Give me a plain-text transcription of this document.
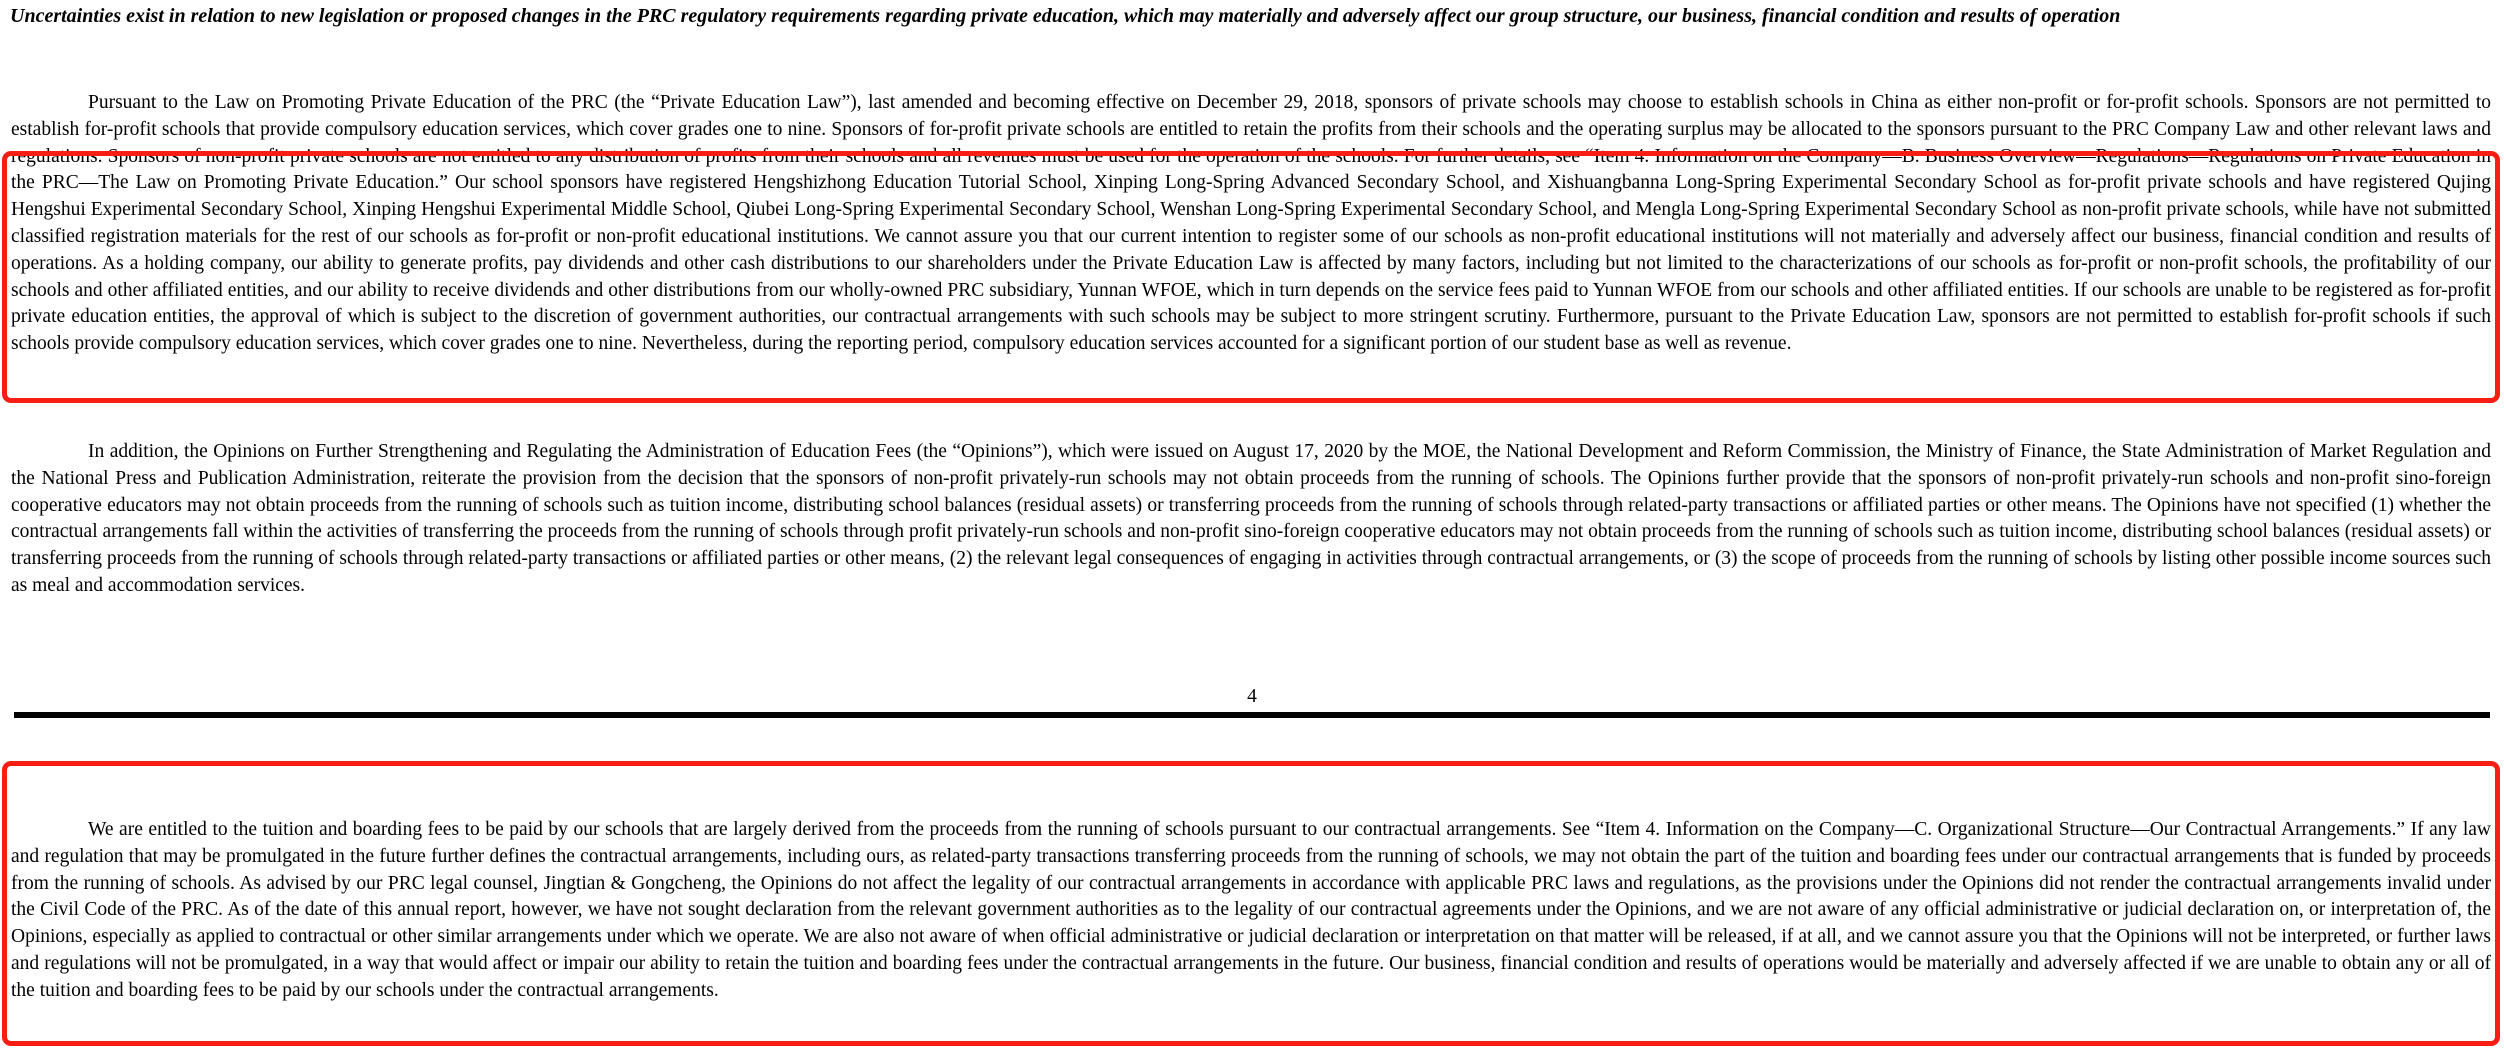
Uncertainties exist in relation to new legislation or proposed changes in the PRC regulatory requirements regarding private education, which may materially and adversely affect our group structure, our business, financial condition and results of operation

Pursuant to the Law on Promoting Private Education of the PRC (the “Private Education Law”), last amended and becoming effective on December 29, 2018, sponsors of private schools may choose to establish schools in China as either non-profit or for-profit schools. Sponsors are not permitted to establish for-profit schools that provide compulsory education services, which cover grades one to nine. Sponsors of for-profit private schools are entitled to retain the profits from their schools and the operating surplus may be allocated to the sponsors pursuant to the PRC Company Law and other relevant laws and regulations. Sponsors of non-profit private schools are not entitled to any distribution of profits from their schools and all revenues must be used for the operation of the schools. For further details, see “Item 4. Information on the Company—B. Business Overview—Regulations—Regulations on Private Education in the PRC—The Law on Promoting Private Education.” Our school sponsors have registered Hengshizhong Education Tutorial School, Xinping Long-Spring Advanced Secondary School, and Xishuangbanna Long-Spring Experimental Secondary School as for-profit private schools and have registered Qujing Hengshui Experimental Secondary School, Xinping Hengshui Experimental Middle School, Qiubei Long-Spring Experimental Secondary School, Wenshan Long-Spring Experimental Secondary School, and Mengla Long-Spring Experimental Secondary School as non-profit private schools, while have not submitted classified registration materials for the rest of our schools as for-profit or non-profit educational institutions. We cannot assure you that our current intention to register some of our schools as non-profit educational institutions will not materially and adversely affect our business, financial condition and results of operations. As a holding company, our ability to generate profits, pay dividends and other cash distributions to our shareholders under the Private Education Law is affected by many factors, including but not limited to the characterizations of our schools as for-profit or non-profit schools, the profitability of our schools and other affiliated entities, and our ability to receive dividends and other distributions from our wholly-owned PRC subsidiary, Yunnan WFOE, which in turn depends on the service fees paid to Yunnan WFOE from our schools and other affiliated entities. If our schools are unable to be registered as for-profit private education entities, the approval of which is subject to the discretion of government authorities, our contractual arrangements with such schools may be subject to more stringent scrutiny. Furthermore, pursuant to the Private Education Law, sponsors are not permitted to establish for-profit schools if such schools provide compulsory education services, which cover grades one to nine. Nevertheless, during the reporting period, compulsory education services accounted for a significant portion of our student base as well as revenue.

In addition, the Opinions on Further Strengthening and Regulating the Administration of Education Fees (the “Opinions”), which were issued on August 17, 2020 by the MOE, the National Development and Reform Commission, the Ministry of Finance, the State Administration of Market Regulation and the National Press and Publication Administration, reiterate the provision from the decision that the sponsors of non-profit privately-run schools may not obtain proceeds from the running of schools. The Opinions further provide that the sponsors of non-profit privately-run schools and non-profit sino-foreign cooperative educators may not obtain proceeds from the running of schools such as tuition income, distributing school balances (residual assets) or transferring proceeds from the running of schools through related-party transactions or affiliated parties or other means. The Opinions have not specified (1) whether the contractual arrangements fall within the activities of transferring the proceeds from the running of schools through profit privately-run schools and non-profit sino-foreign cooperative educators may not obtain proceeds from the running of schools such as tuition income, distributing school balances (residual assets) or transferring proceeds from the running of schools through related-party transactions or affiliated parties or other means, (2) the relevant legal consequences of engaging in activities through contractual arrangements, or (3) the scope of proceeds from the running of schools by listing other possible income sources such as meal and accommodation services.

4

We are entitled to the tuition and boarding fees to be paid by our schools that are largely derived from the proceeds from the running of schools pursuant to our contractual arrangements. See “Item 4. Information on the Company—C. Organizational Structure—Our Contractual Arrangements.” If any law and regulation that may be promulgated in the future further defines the contractual arrangements, including ours, as related-party transactions transferring proceeds from the running of schools, we may not obtain the part of the tuition and boarding fees under our contractual arrangements that is funded by proceeds from the running of schools. As advised by our PRC legal counsel, Jingtian & Gongcheng, the Opinions do not affect the legality of our contractual arrangements in accordance with applicable PRC laws and regulations, as the provisions under the Opinions did not render the contractual arrangements invalid under the Civil Code of the PRC. As of the date of this annual report, however, we have not sought declaration from the relevant government authorities as to the legality of our contractual agreements under the Opinions, and we are not aware of any official administrative or judicial declaration on, or interpretation of, the Opinions, especially as applied to contractual or other similar arrangements under which we operate. We are also not aware of when official administrative or judicial declaration or interpretation on that matter will be released, if at all, and we cannot assure you that the Opinions will not be interpreted, or further laws and regulations will not be promulgated, in a way that would affect or impair our ability to retain the tuition and boarding fees under the contractual arrangements in the future. Our business, financial condition and results of operations would be materially and adversely affected if we are unable to obtain any or all of the tuition and boarding fees to be paid by our schools under the contractual arrangements.
